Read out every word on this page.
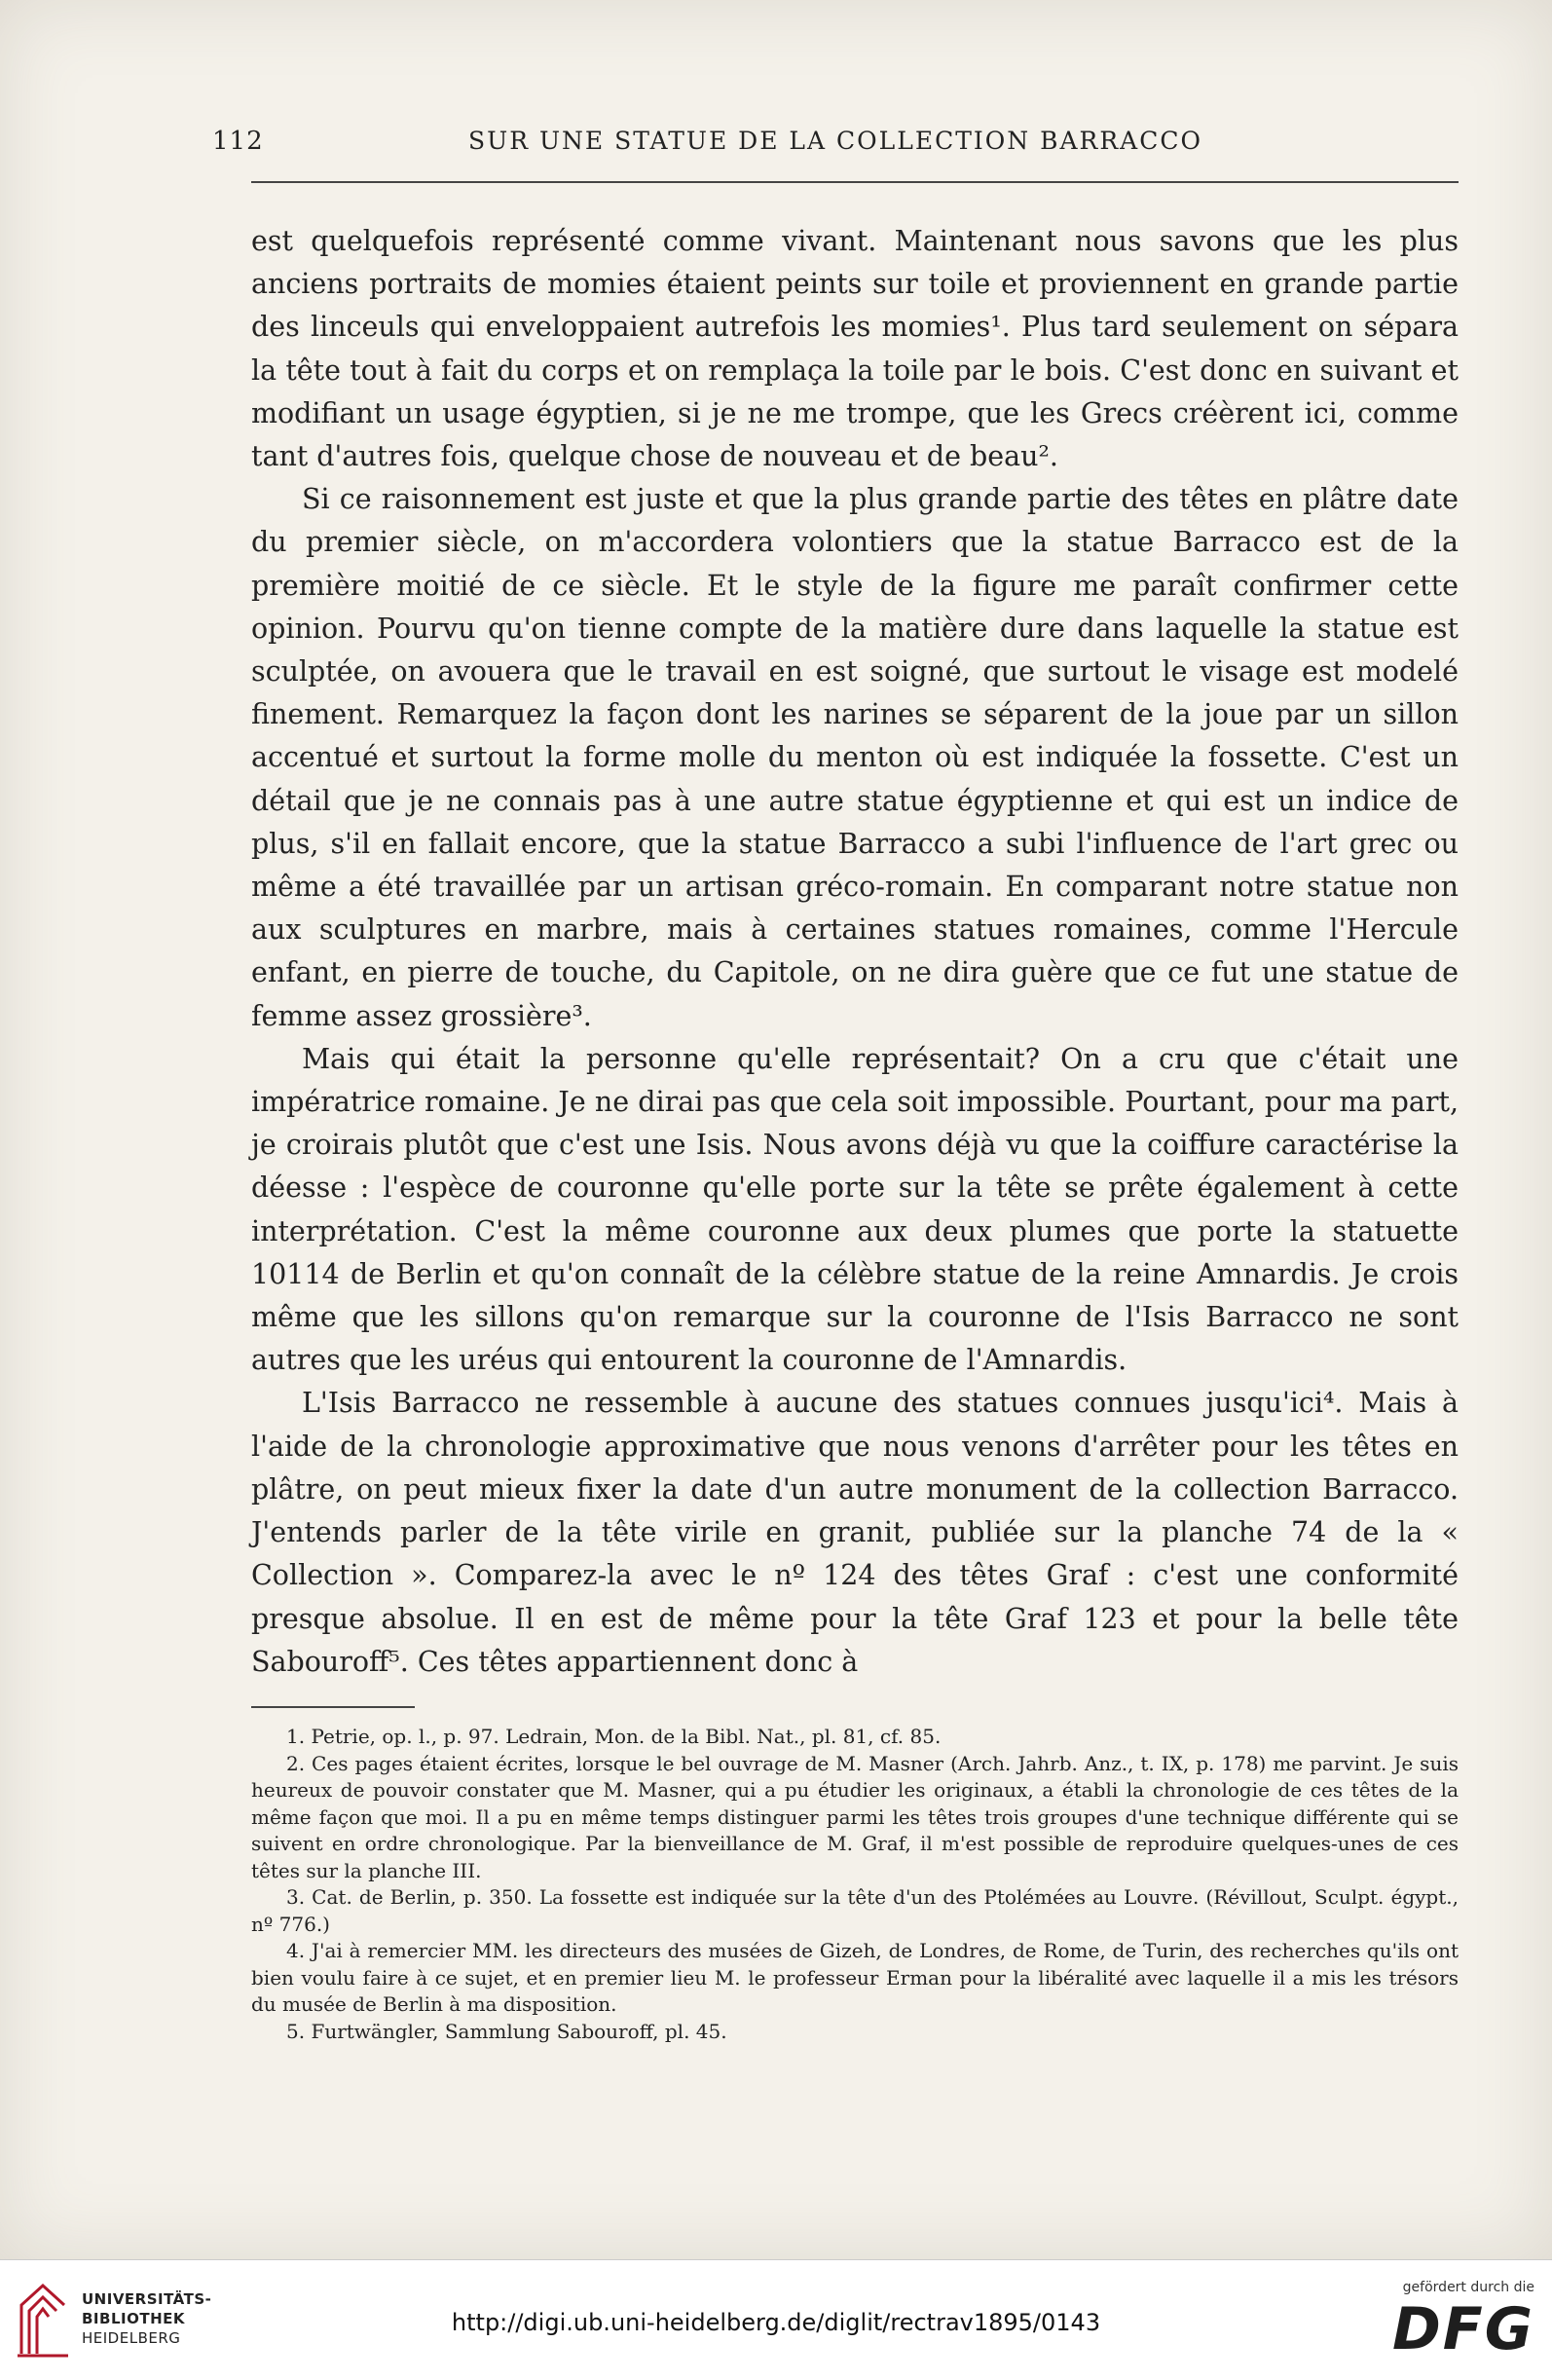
112	SUR UNE STATUE DE LA COLLECTION BARRACCO

est quelquefois représenté comme vivant. Maintenant nous savons que les plus anciens portraits de momies étaient peints sur toile et proviennent en grande partie des linceuls qui enveloppaient autrefois les momies¹. Plus tard seulement on sépara la tête tout à fait du corps et on remplaça la toile par le bois. C'est donc en suivant et modifiant un usage égyptien, si je ne me trompe, que les Grecs créèrent ici, comme tant d'autres fois, quelque chose de nouveau et de beau².

Si ce raisonnement est juste et que la plus grande partie des têtes en plâtre date du premier siècle, on m'accordera volontiers que la statue Barracco est de la première moitié de ce siècle. Et le style de la figure me paraît confirmer cette opinion. Pourvu qu'on tienne compte de la matière dure dans laquelle la statue est sculptée, on avouera que le travail en est soigné, que surtout le visage est modelé finement. Remarquez la façon dont les narines se séparent de la joue par un sillon accentué et surtout la forme molle du menton où est indiquée la fossette. C'est un détail que je ne connais pas à une autre statue égyptienne et qui est un indice de plus, s'il en fallait encore, que la statue Barracco a subi l'influence de l'art grec ou même a été travaillée par un artisan gréco-romain. En comparant notre statue non aux sculptures en marbre, mais à certaines statues romaines, comme l'Hercule enfant, en pierre de touche, du Capitole, on ne dira guère que ce fut une statue de femme assez grossière³.

Mais qui était la personne qu'elle représentait? On a cru que c'était une impératrice romaine. Je ne dirai pas que cela soit impossible. Pourtant, pour ma part, je croirais plutôt que c'est une Isis. Nous avons déjà vu que la coiffure caractérise la déesse : l'espèce de couronne qu'elle porte sur la tête se prête également à cette interprétation. C'est la même couronne aux deux plumes que porte la statuette 10114 de Berlin et qu'on connaît de la célèbre statue de la reine Amnardis. Je crois même que les sillons qu'on remarque sur la couronne de l'Isis Barracco ne sont autres que les uréus qui entourent la couronne de l'Amnardis.

L'Isis Barracco ne ressemble à aucune des statues connues jusqu'ici⁴. Mais à l'aide de la chronologie approximative que nous venons d'arrêter pour les têtes en plâtre, on peut mieux fixer la date d'un autre monument de la collection Barracco. J'entends parler de la tête virile en granit, publiée sur la planche 74 de la « Collection ». Comparez-la avec le nº 124 des têtes Graf : c'est une conformité presque absolue. Il en est de même pour la tête Graf 123 et pour la belle tête Sabouroff⁵. Ces têtes appartiennent donc à

1. Petrie, op. l., p. 97. Ledrain, Mon. de la Bibl. Nat., pl. 81, cf. 85.

2. Ces pages étaient écrites, lorsque le bel ouvrage de M. Masner (Arch. Jahrb. Anz., t. IX, p. 178) me parvint. Je suis heureux de pouvoir constater que M. Masner, qui a pu étudier les originaux, a établi la chronologie de ces têtes de la même façon que moi. Il a pu en même temps distinguer parmi les têtes trois groupes d'une technique différente qui se suivent en ordre chronologique. Par la bienveillance de M. Graf, il m'est possible de reproduire quelques-unes de ces têtes sur la planche III.

3. Cat. de Berlin, p. 350. La fossette est indiquée sur la tête d'un des Ptolémées au Louvre. (Révillout, Sculpt. égypt., nº 776.)

4. J'ai à remercier MM. les directeurs des musées de Gizeh, de Londres, de Rome, de Turin, des recherches qu'ils ont bien voulu faire à ce sujet, et en premier lieu M. le professeur Erman pour la libéralité avec laquelle il a mis les trésors du musée de Berlin à ma disposition.

5. Furtwängler, Sammlung Sabouroff, pl. 45.

UNIVERSITÄTS-
BIBLIOTHEK
HEIDELBERG
http://digi.ub.uni-heidelberg.de/diglit/rectrav1895/0143
gefördert durch die
DFG
